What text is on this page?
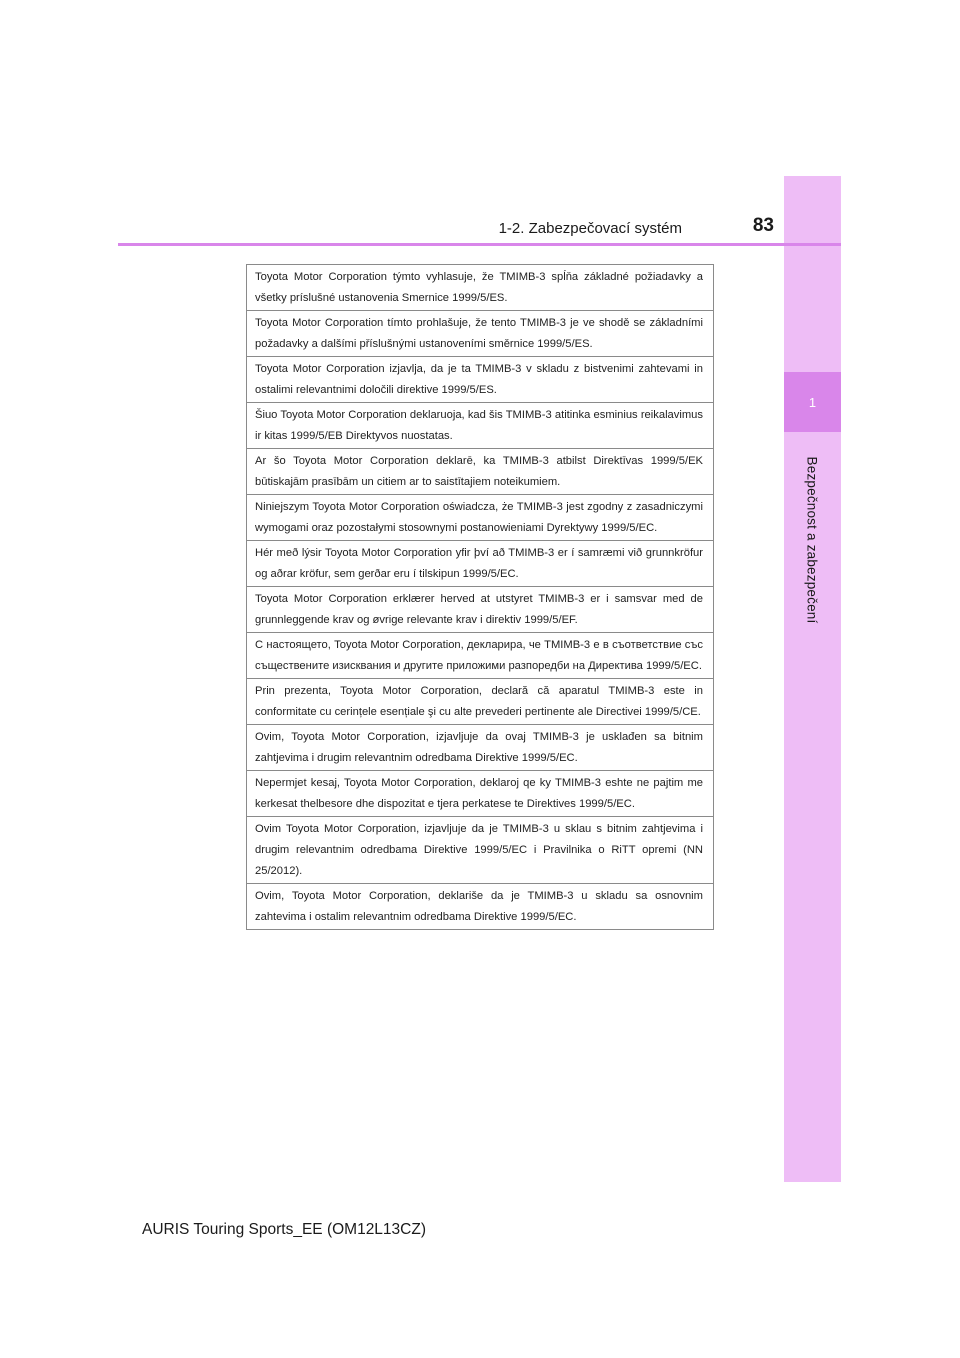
1
Bezpečnost a zabezpečení
1-2. Zabezpečovací systém	83
Toyota Motor Corporation týmto vyhlasuje, že TMIMB-3 spĺňa základné požiadavky a všetky príslušné ustanovenia Smernice 1999/5/ES.
Toyota Motor Corporation tímto prohlašuje, že tento TMIMB-3 je ve shodě se základními požadavky a dalšími příslušnými ustanoveními směrnice 1999/5/ES.
Toyota Motor Corporation izjavlja, da je ta TMIMB-3 v skladu z bistvenimi zahtevami in ostalimi relevantnimi določili direktive 1999/5/ES.
Šiuo Toyota Motor Corporation deklaruoja, kad šis TMIMB-3 atitinka esminius reikalavimus ir kitas 1999/5/EB Direktyvos nuostatas.
Ar šo Toyota Motor Corporation deklarē, ka TMIMB-3 atbilst Direktīvas 1999/5/EK būtiskajām prasībām un citiem ar to saistītajiem noteikumiem.
Niniejszym Toyota Motor Corporation oświadcza, że TMIMB-3 jest zgodny z zasadniczymi wymogami oraz pozostałymi stosownymi postanowieniami Dyrektywy 1999/5/EC.
Hér með lýsir Toyota Motor Corporation yfir því að TMIMB-3 er í samræmi við grunnkröfur og aðrar kröfur, sem gerðar eru í tilskipun 1999/5/EC.
Toyota Motor Corporation erklærer herved at utstyret TMIMB-3 er i samsvar med de grunnleggende krav og øvrige relevante krav i direktiv 1999/5/EF.
С настоящето, Toyota Motor Corporation, декларира, че TMIMB-3 е в съответствие със съществените изисквания и другите приложими разпоредби на Директива 1999/5/EC.
Prin prezenta, Toyota Motor Corporation, declară că aparatul TMIMB-3 este in conformitate cu cerințele esențiale şi cu alte prevederi pertinente ale Directivei 1999/5/CE.
Ovim, Toyota Motor Corporation, izjavljuje da ovaj TMIMB-3 je usklađen sa bitnim zahtjevima i drugim relevantnim odredbama Direktive 1999/5/EC.
Nepermjet kesaj, Toyota Motor Corporation, deklaroj qe ky TMIMB-3 eshte ne pajtim me kerkesat thelbesore dhe dispozitat e tjera perkatese te Direktives 1999/5/EC.
Ovim Toyota Motor Corporation, izjavljuje da je TMIMB-3 u sklau s bitnim zahtjevima i drugim relevantnim odredbama Direktive 1999/5/EC i Pravilnika o RiTT opremi (NN 25/2012).
Ovim, Toyota Motor Corporation, deklariše da je TMIMB-3 u skladu sa osnovnim zahtevima i ostalim relevantnim odredbama Direktive 1999/5/EC.
AURIS Touring Sports_EE (OM12L13CZ)
